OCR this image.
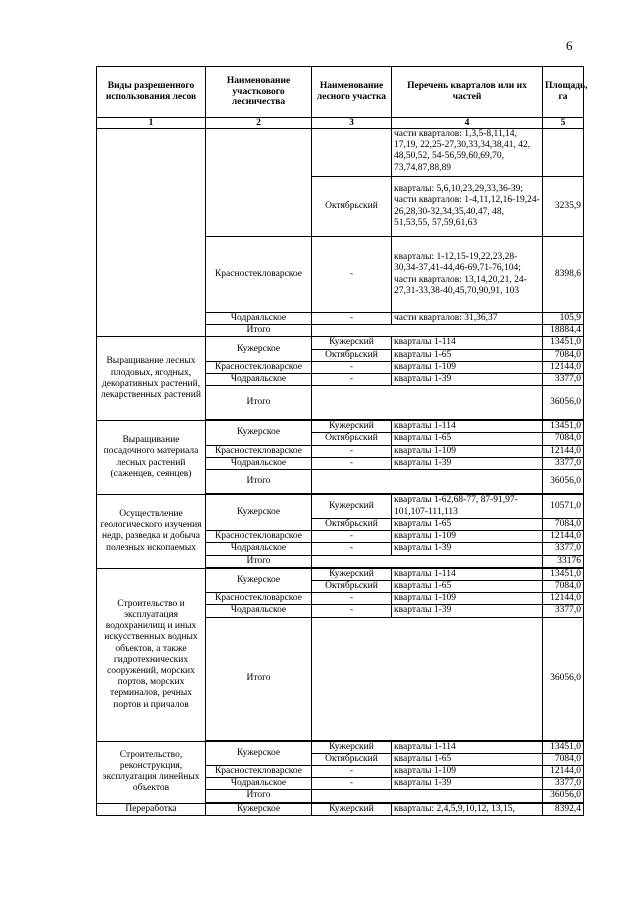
6
Виды разрешенного использования лесов	Наименование участкового лесничества	Наименование лесного участка	Перечень кварталов или их частей	Площадь, га
1	2	3	4	5
			части кварталов: 1,3,5-8,11,14, 17,19, 22,25-27,30,33,34,38,41, 42, 48,50,52, 54-56,59,60,69,70, 73,74,87,88,89	
		Октябрьский	кварталы: 5,6,10,23,29,33,36-39; части кварталов: 1-4,11,12,16-19,24-26,28,30-32,34,35,40,47, 48, 51,53,55, 57,59,61,63	3235,9
	Красностекловарское	-	кварталы: 1-12,15-19,22,23,28-30,34-37,41-44,46-69,71-76,104; части кварталов: 13,14,20,21, 24-27,31-33,38-40,45,70,90,91, 103	8398,6
	Чодраяльское	-	части кварталов: 31,36,37	105,9
	Итого			18884,4
Выращивание лесных плодовых, ягодных, декоративных растений, лекарственных растений	Кужерское	Кужерский	кварталы 1-114	13451,0
		Октябрьский	кварталы 1-65	7084,0
	Красностекловарское	-	кварталы 1-109	12144,0
	Чодраяльское	-	кварталы 1-39	3377,0
	Итого			36056,0

Выращивание посадочного материала лесных растений (саженцев, сеянцев)	Кужерское	Кужерский	кварталы 1-114	13451,0
		Октябрьский	кварталы 1-65	7084,0
	Красностекловарское	-	кварталы 1-109	12144,0
	Чодраяльское	-	кварталы 1-39	3377,0
	Итого			36056,0

Осуществление геологического изучения недр, разведка и добыча полезных ископаемых	Кужерское	Кужерский	кварталы 1-62,68-77, 87-91,97-101,107-111,113	10571,0
		Октябрьский	кварталы 1-65	7084,0
	Красностекловарское	-	кварталы 1-109	12144,0
	Чодраяльское	-	кварталы 1-39	3377,0
	Итого			33176

Строительство и эксплуатация водохранилищ и иных искусственных водных объектов, а также гидротехнических сооружений, морских портов, морских терминалов, речных портов и причалов	Кужерское	Кужерский	кварталы 1-114	13451,0
		Октябрьский	кварталы 1-65	7084,0
	Красностекловарское	-	кварталы 1-109	12144,0
	Чодраяльское	-	кварталы 1-39	3377,0
	Итого			36056,0

Строительство, реконструкция, эксплуатация линейных объектов	Кужерское	Кужерский	кварталы 1-114	13451,0
		Октябрьский	кварталы 1-65	7084,0
	Красностекловарское	-	кварталы 1-109	12144,0
	Чодраяльское	-	кварталы 1-39	3377,0
	Итого			36056,0

Переработка	Кужерское	Кужерский	кварталы: 2,4,5,9,10,12, 13,15,	8392,4
